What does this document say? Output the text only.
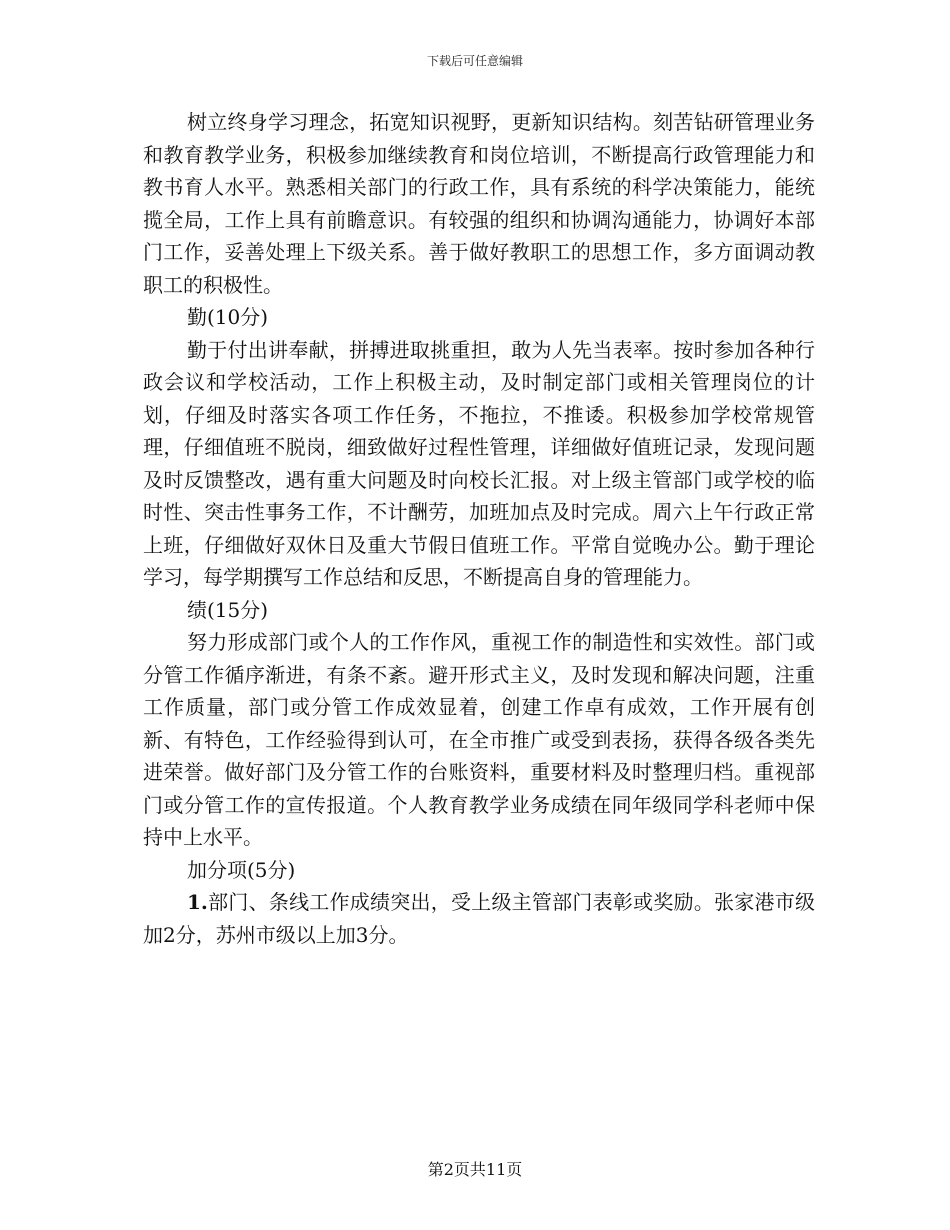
下载后可任意编辑

树立终身学习理念，拓宽知识视野，更新知识结构。刻苦钻研管理业务和教育教学业务，积极参加继续教育和岗位培训，不断提高行政管理能力和教书育人水平。熟悉相关部门的行政工作，具有系统的科学决策能力，能统揽全局，工作上具有前瞻意识。有较强的组织和协调沟通能力，协调好本部门工作，妥善处理上下级关系。善于做好教职工的思想工作，多方面调动教职工的积极性。

勤(10分)

勤于付出讲奉献，拼搏进取挑重担，敢为人先当表率。按时参加各种行政会议和学校活动，工作上积极主动，及时制定部门或相关管理岗位的计划，仔细及时落实各项工作任务，不拖拉，不推诿。积极参加学校常规管理，仔细值班不脱岗，细致做好过程性管理，详细做好值班记录，发现问题及时反馈整改，遇有重大问题及时向校长汇报。对上级主管部门或学校的临时性、突击性事务工作，不计酬劳，加班加点及时完成。周六上午行政正常上班，仔细做好双休日及重大节假日值班工作。平常自觉晚办公。勤于理论学习，每学期撰写工作总结和反思，不断提高自身的管理能力。

绩(15分)

努力形成部门或个人的工作作风，重视工作的制造性和实效性。部门或分管工作循序渐进，有条不紊。避开形式主义，及时发现和解决问题，注重工作质量，部门或分管工作成效显着，创建工作卓有成效，工作开展有创新、有特色，工作经验得到认可，在全市推广或受到表扬，获得各级各类先进荣誉。做好部门及分管工作的台账资料，重要材料及时整理归档。重视部门或分管工作的宣传报道。个人教育教学业务成绩在同年级同学科老师中保持中上水平。

加分项(5分)

1.部门、条线工作成绩突出，受上级主管部门表彰或奖励。张家港市级加2分，苏州市级以上加3分。

第2页共11页
